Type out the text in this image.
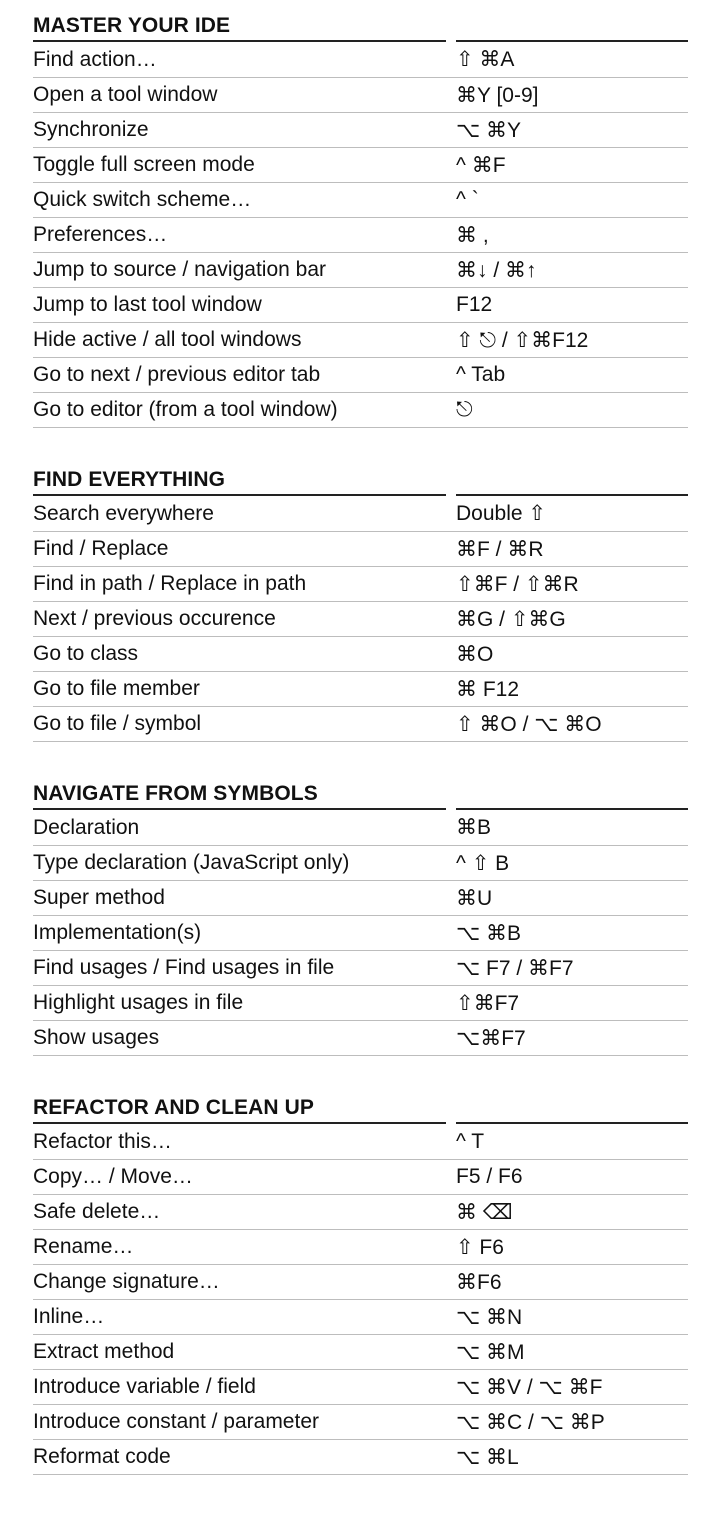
MASTER YOUR IDE
Find action…	⇧ ⌘A
Open a tool window	⌘Y [0-9]
Synchronize	⌥ ⌘Y
Toggle full screen mode	^ ⌘F
Quick switch scheme…	^ `
Preferences…	⌘ ,
Jump to source / navigation bar	⌘↓ / ⌘↑
Jump to last tool window	F12
Hide active / all tool windows	⇧ ⎋ / ⇧⌘F12
Go to next / previous editor tab	^ Tab
Go to editor (from a tool window)	⎋
FIND EVERYTHING
Search everywhere	Double ⇧
Find / Replace	⌘F / ⌘R
Find in path / Replace in path	⇧⌘F / ⇧⌘R
Next / previous occurence	⌘G / ⇧⌘G
Go to class	⌘O
Go to file member	⌘ F12
Go to file / symbol	⇧ ⌘O / ⌥ ⌘O
NAVIGATE FROM SYMBOLS
Declaration	⌘B
Type declaration (JavaScript only)	^ ⇧ B
Super method	⌘U
Implementation(s)	⌥ ⌘B
Find usages / Find usages in file	⌥ F7 / ⌘F7
Highlight usages in file	⇧⌘F7
Show usages	⌥⌘F7
REFACTOR AND CLEAN UP
Refactor this…	^ T
Copy… / Move…	F5 / F6
Safe delete…	⌘ ⌫
Rename…	⇧ F6
Change signature…	⌘F6
Inline…	⌥ ⌘N
Extract method	⌥ ⌘M
Introduce variable / field	⌥ ⌘V / ⌥ ⌘F
Introduce constant / parameter	⌥ ⌘C / ⌥ ⌘P
Reformat code	⌥ ⌘L
